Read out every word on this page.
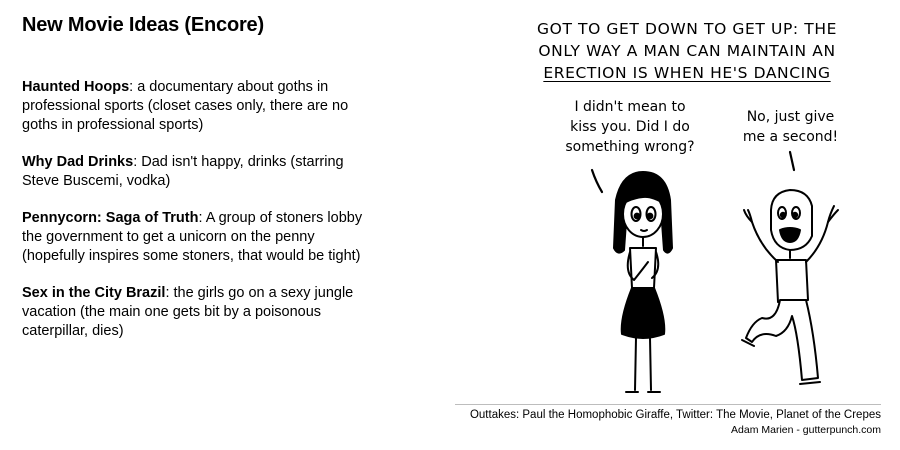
New Movie Ideas (Encore)

Haunted Hoops: a documentary about goths in professional sports (closet cases only, there are no goths in professional sports)

Why Dad Drinks: Dad isn't happy, drinks (starring Steve Buscemi, vodka)

Pennycorn: Saga of Truth: A group of stoners lobby the government to get a unicorn on the penny (hopefully inspires some stoners, that would be tight)

Sex in the City Brazil: the girls go on a sexy jungle vacation (the main one gets bit by a poisonous caterpillar, dies)

GOT TO GET DOWN TO GET UP: THE
ONLY WAY A MAN CAN MAINTAIN AN
ERECTION IS WHEN HE'S DANCING
I didn't mean to
kiss you. Did I do
something wrong?
No, just give
me a second!
Outtakes: Paul the Homophobic Giraffe, Twitter: The Movie, Planet of the Crepes
Adam Marien - gutterpunch.com
